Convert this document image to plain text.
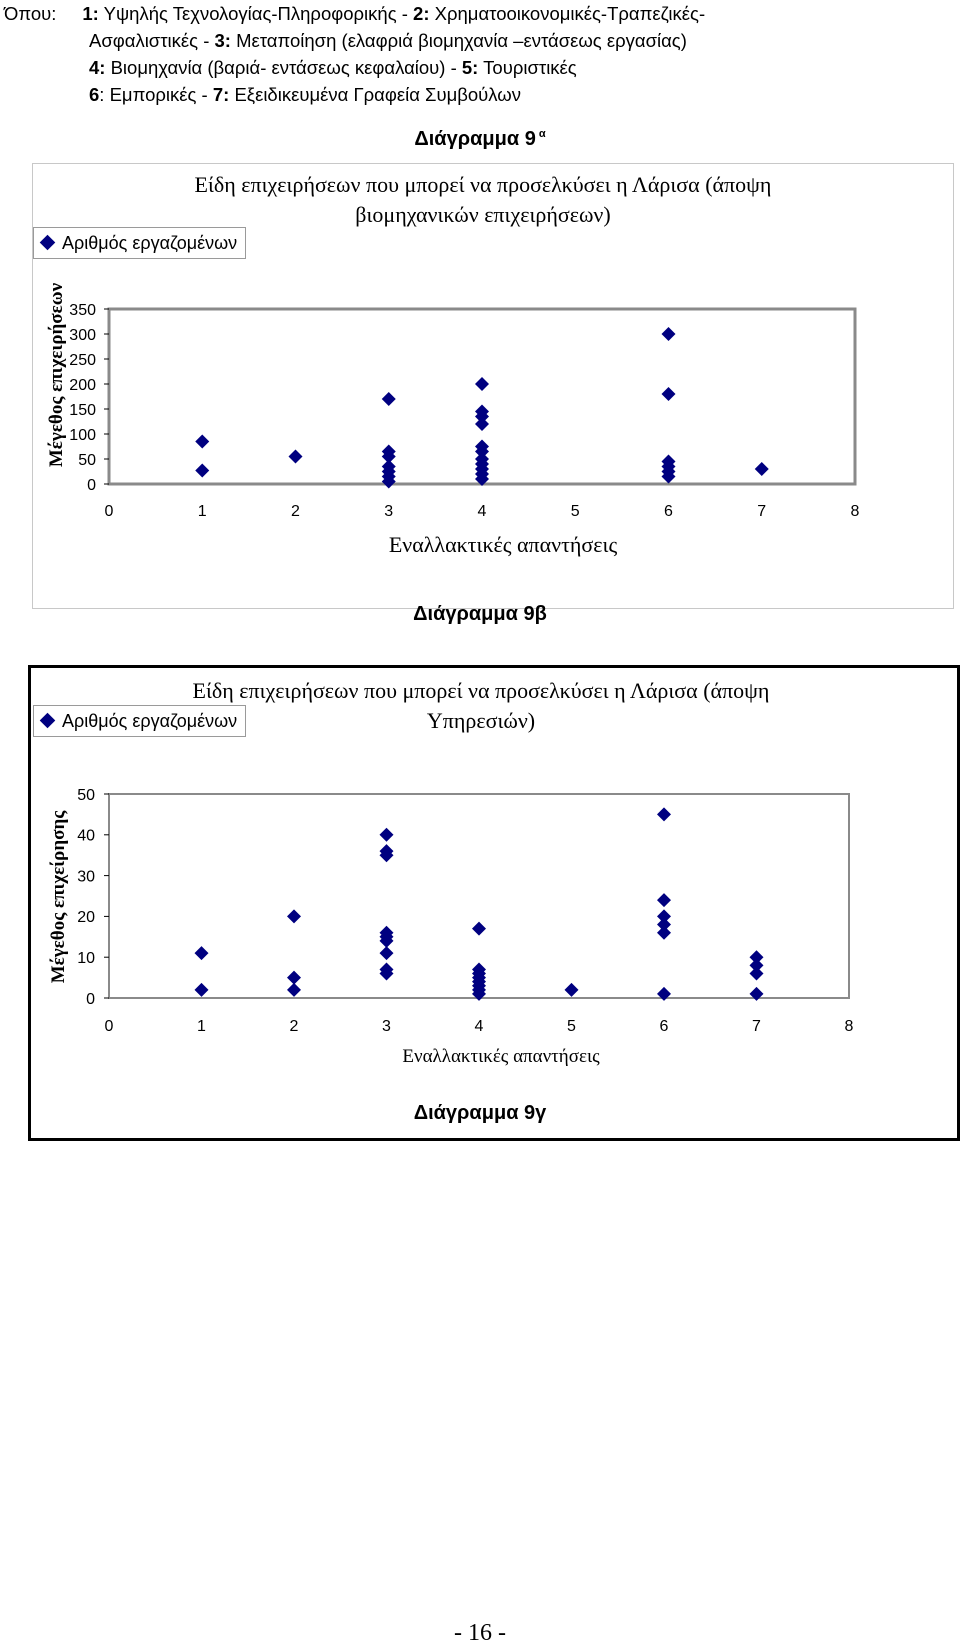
Όπου: 1: Υψηλής Τεχνολογίας-Πληροφορικής - 2: Χρηματοοικονομικές-Τραπεζικές-
Ασφαλιστικές - 3: Μεταποίηση (ελαφριά βιομηχανία –εντάσεως εργασίας)
4: Βιομηχανία (βαριά- εντάσεως κεφαλαίου) - 5: Τουριστικές
6: Εμπορικές - 7: Εξειδικευμένα Γραφεία Συμβούλων
Διάγραμμα 9 $^\alpha$
Είδη επιχειρήσεων που μπορεί να προσελκύσει η Λάρισα (άποψη
βιομηχανικών επιχειρήσεων)
Αριθμός εργαζομένων
Μέγεθος επιχειρήσεων 350
300
250
200
150
100
50
0
0	1	2	3	4	5	6	7	8
Εναλλακτικές απαντήσεις
Διάγραμμα 9β
Είδη επιχειρήσεων που μπορεί να προσελκύσει η Λάρισα (άποψη
Υπηρεσιών)
Αριθμός εργαζομένων
Μέγεθος επιχείρησης
50
40
30
20
10
0
0	1	2	3	4	5	6	7	8
Εναλλακτικές απαντήσεις
Διάγραμμα 9γ
- 16 -
